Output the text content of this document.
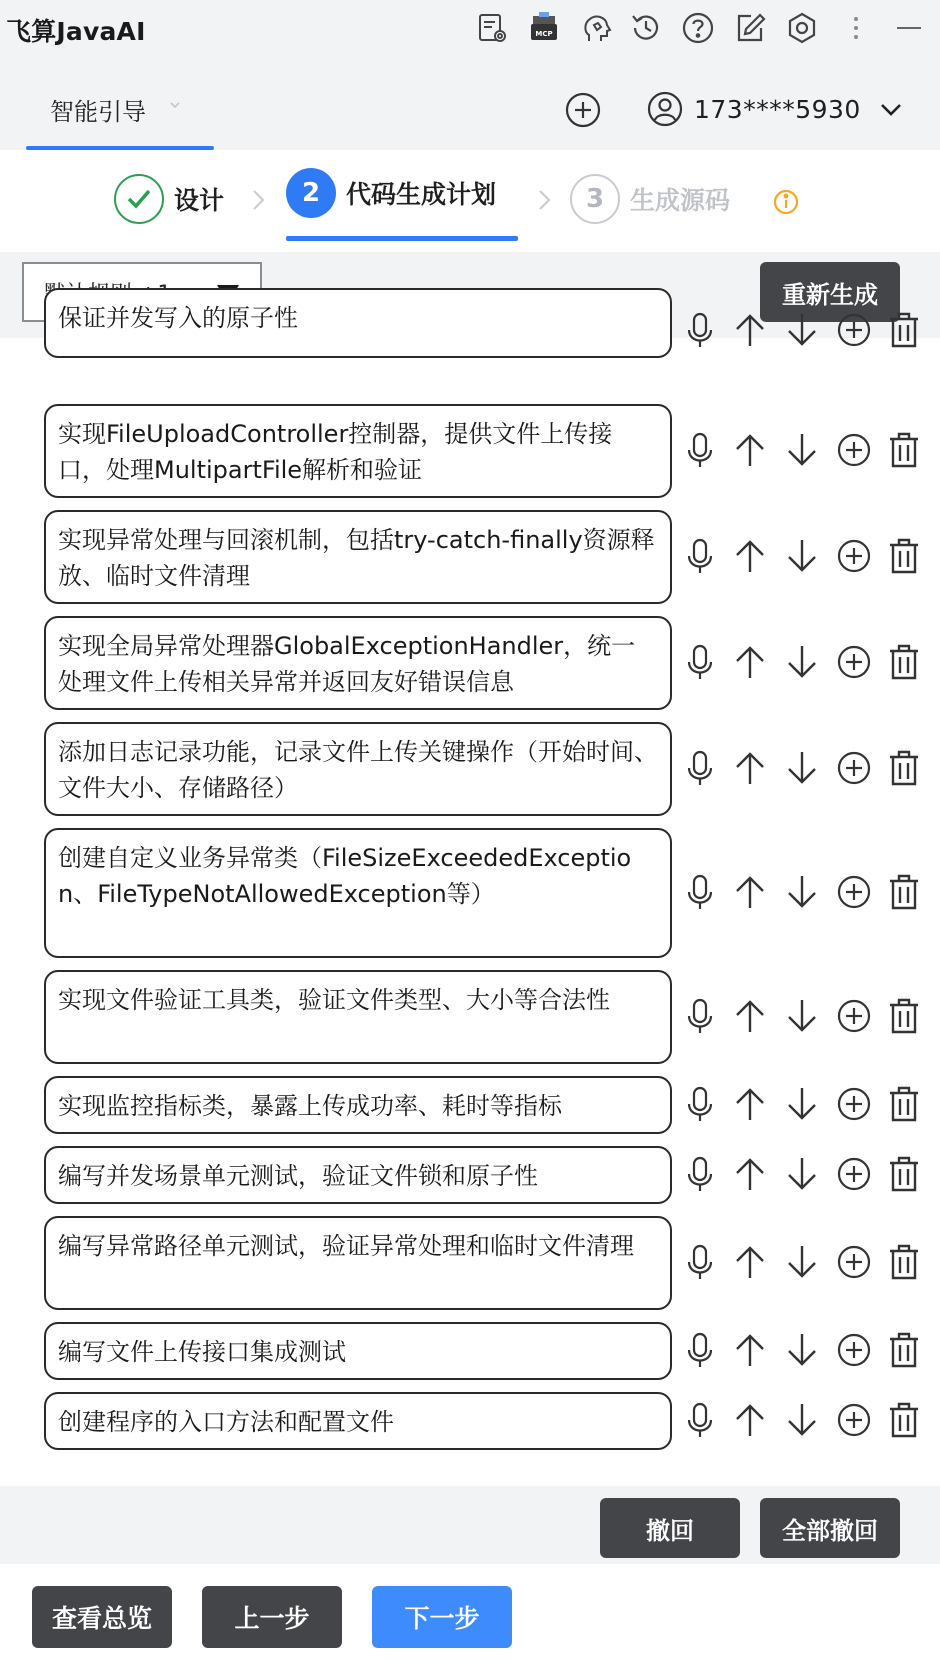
飞算JavaAI	MCP
智能引导	173****5930
设计	2	代码生成计划	3	生成源码
重新生成
保证并发写入的原子性
实现FileUploadController控制器，提供文件上传接口，处理MultipartFile解析和验证
实现异常处理与回滚机制，包括try-catch-finally资源释放、临时文件清理
实现全局异常处理器GlobalExceptionHandler，统一处理文件上传相关异常并返回友好错误信息
添加日志记录功能，记录文件上传关键操作（开始时间、文件大小、存储路径）
创建自定义业务异常类（FileSizeExceededException、FileTypeNotAllowedException等）
实现文件验证工具类，验证文件类型、大小等合法性
实现监控指标类，暴露上传成功率、耗时等指标
编写并发场景单元测试，验证文件锁和原子性
编写异常路径单元测试，验证异常处理和临时文件清理
编写文件上传接口集成测试
创建程序的入口方法和配置文件
撤回	全部撤回
查看总览	上一步	下一步
